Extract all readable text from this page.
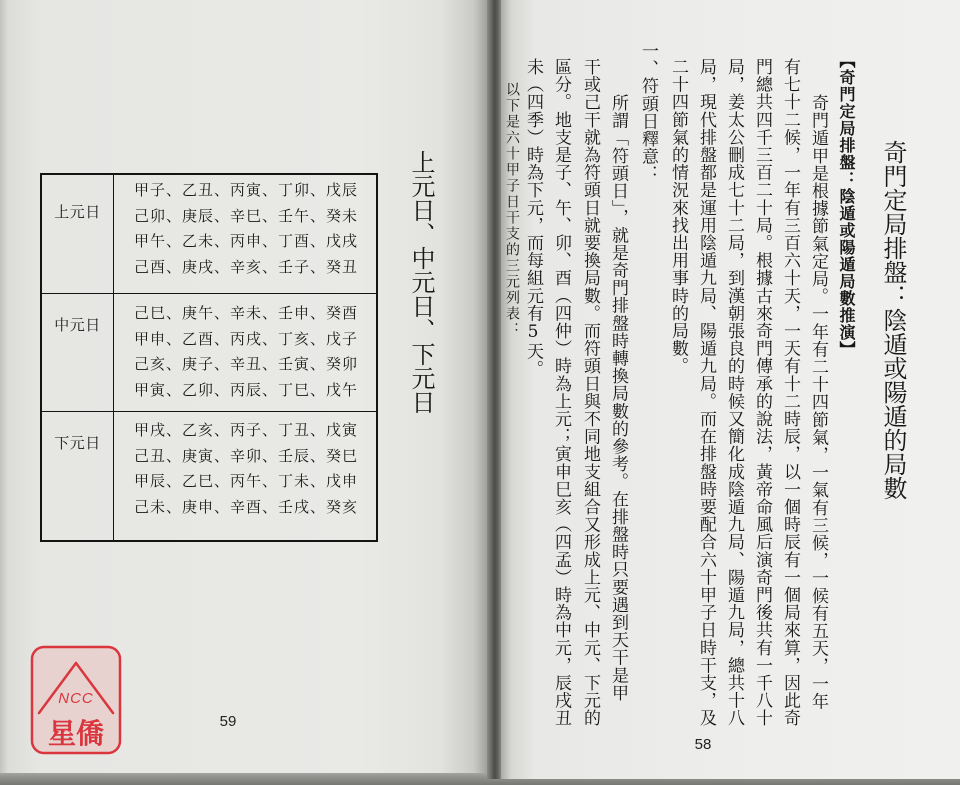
上元日、中元日、下元日

上元日
甲子、乙丑、丙寅、丁卯、戊辰
己卯、庚辰、辛巳、壬午、癸未
甲午、乙未、丙申、丁酉、戊戌
己酉、庚戌、辛亥、壬子、癸丑
中元日
己巳、庚午、辛未、壬申、癸酉
甲申、乙酉、丙戌、丁亥、戊子
己亥、庚子、辛丑、壬寅、癸卯
甲寅、乙卯、丙辰、丁巳、戊午
下元日
甲戌、乙亥、丙子、丁丑、戊寅
己丑、庚寅、辛卯、壬辰、癸巳
甲辰、乙巳、丙午、丁未、戊申
己未、庚申、辛酉、壬戌、癸亥
59

奇門定局排盤：陰遁或陽遁的局數

【奇門定局排盤：陰遁或陽遁局數推演】

奇門遁甲是根據節氣定局。一年有二十四節氣，一氣有三候，一候有五天，一年

有七十二候，一年有三百六十天，一天有十二時辰，以一個時辰有一個局來算，因此奇

門總共四千三百二十局。根據古來奇門傳承的說法，黃帝命風后演奇門後共有一千八十

局，姜太公刪成七十二局，到漢朝張良的時候又簡化成陰遁九局、陽遁九局，總共十八

局，現代排盤都是運用陰遁九局、陽遁九局。而在排盤時要配合六十甲子日時干支，及

二十四節氣的情況來找出用事時的局數。

一、符頭日釋意：

所謂「符頭日」，就是奇門排盤時轉換局數的參考。在排盤時只要遇到天干是甲

干或己干就為符頭日就要換局數。而符頭日與不同地支組合又形成上元、中元、下元的

區分。地支是子、午、卯、酉（四仲）時為上元；寅申巳亥（四孟）時為中元，辰戌丑

未（四季）時為下元，而每組元有5天。

以下是六十甲子日干支的三元列表：

58
NCC
星僑
